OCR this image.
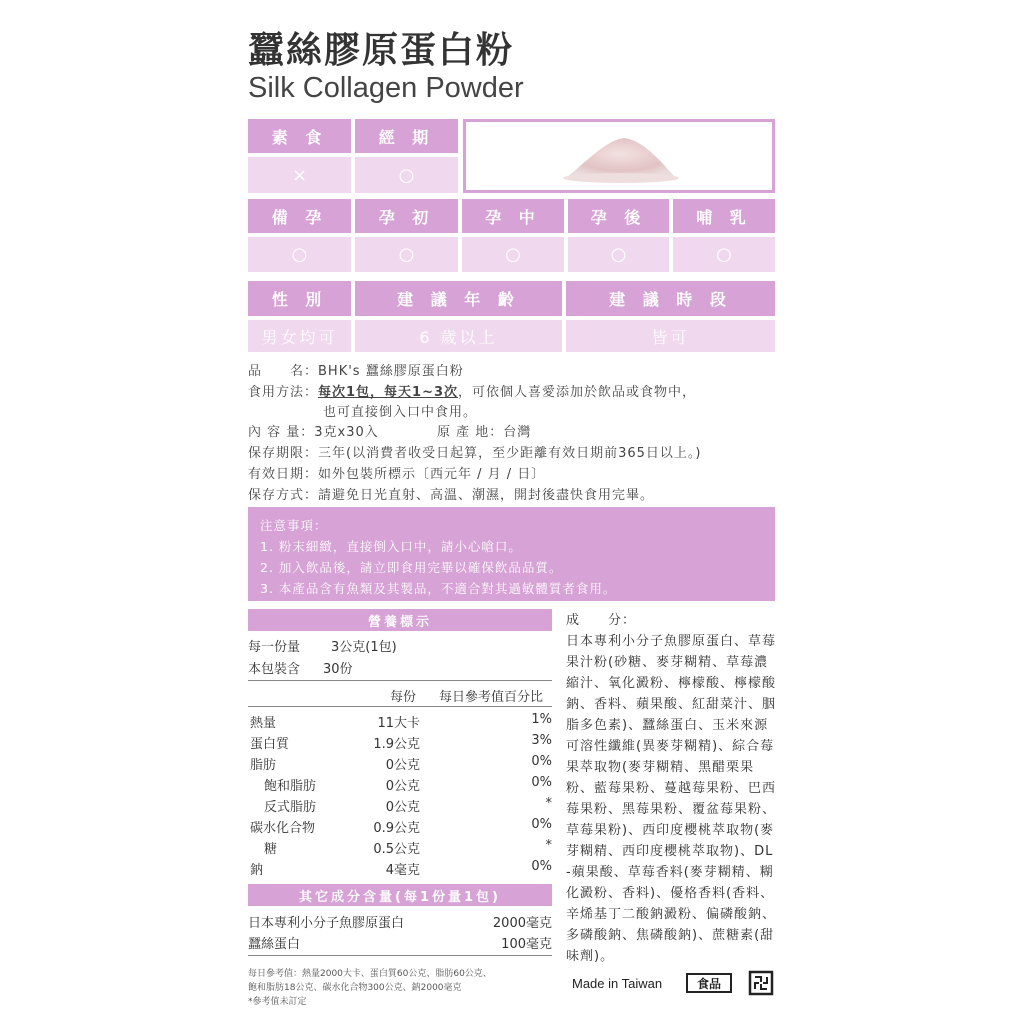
蠶絲膠原蛋白粉
Silk Collagen Powder
素 食	經 期
×	○
備 孕	孕 初	孕 中	孕 後	哺 乳
○	○	○	○	○
性 別	建 議 年 齡	建 議 時 段
男女均可	6 歲以上	皆可
品　　名：BHK's 蠶絲膠原蛋白粉
食用方法：每次1包，每天1~3次，可依個人喜愛添加於飲品或食物中，
也可直接倒入口中食用。
內 容 量：3克x30入	原 產 地：台灣
保存期限：三年(以消費者收受日起算，至少距離有效日期前365日以上。)
有效日期：如外包裝所標示〔西元年 / 月 / 日〕
保存方式：請避免日光直射、高溫、潮濕，開封後盡快食用完畢。
注意事項：
1. 粉末細緻，直接倒入口中，請小心嗆口。
2. 加入飲品後，請立即食用完畢以確保飲品品質。
3. 本產品含有魚類及其製品，不適合對其過敏體質者食用。
營養標示
每一份量 3公克(1包)
本包裝含 30份
每份 每日參考值百分比
熱量	11大卡	1%
蛋白質	1.9公克	3%
脂肪	0公克	0%
飽和脂肪	0公克	0%
反式脂肪	0公克	*
碳水化合物	0.9公克	0%
糖	0.5公克	*
鈉	4毫克	0%
其它成分含量(每1份量1包)
日本專利小分子魚膠原蛋白	2000毫克
蠶絲蛋白	100毫克
成　　分：
日本專利小分子魚膠原蛋白、草莓果汁粉(砂糖、麥芽糊精、草莓濃縮汁、氧化澱粉、檸檬酸、檸檬酸鈉、香料、蘋果酸、紅甜菜汁、胭脂多色素)、蠶絲蛋白、玉米來源可溶性纖維(異麥芽糊精)、綜合莓果萃取物(麥芽糊精、黑醋栗果粉、藍莓果粉、蔓越莓果粉、巴西莓果粉、黑莓果粉、覆盆莓果粉、草莓果粉)、西印度櫻桃萃取物(麥芽糊精、西印度櫻桃萃取物)、DL-蘋果酸、草莓香料(麥芽糊精、糊化澱粉、香料)、優格香料(香料、辛烯基丁二酸鈉澱粉、偏磷酸鈉、多磷酸鈉、焦磷酸鈉)、蔗糖素(甜味劑)。
每日參考值：熱量2000大卡、蛋白質60公克、脂肪60公克、
飽和脂肪18公克、碳水化合物300公克、鈉2000毫克
*參考值未訂定
Made in Taiwan	食品
